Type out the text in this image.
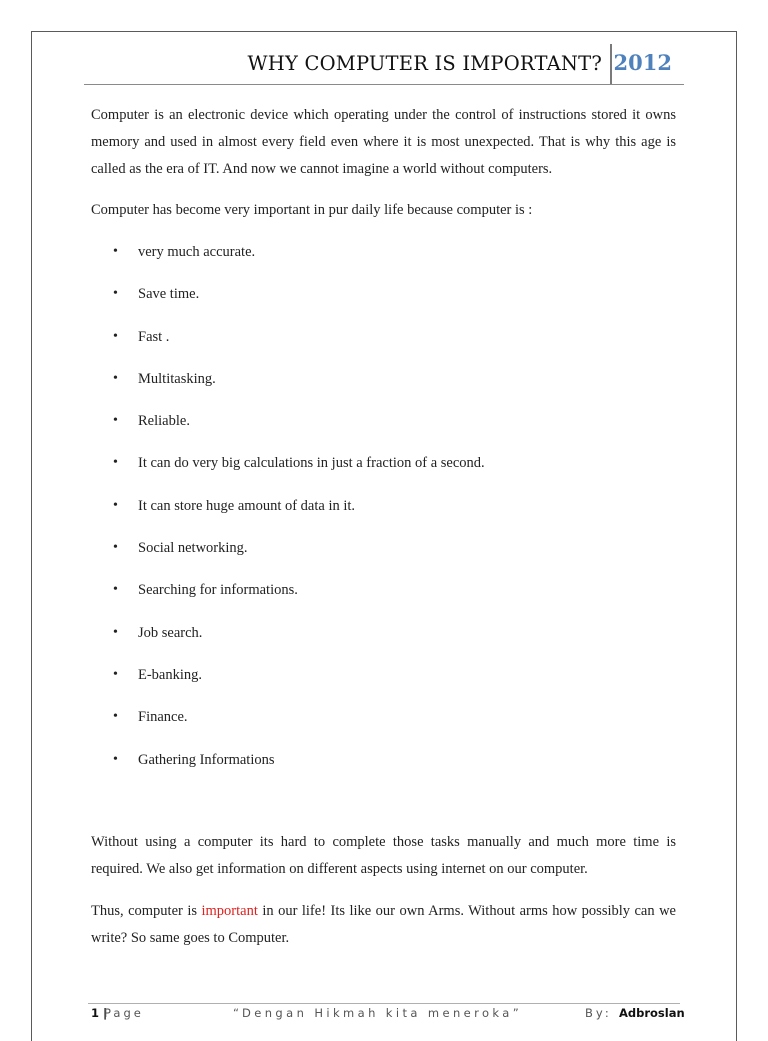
WHY COMPUTER IS IMPORTANT? 2012

Computer is an electronic device which operating under the control of instructions stored it owns memory and used in almost every field even where it is most unexpected. That is why this age is called as the era of IT. And now we cannot imagine a world without computers.

Computer has become very important in pur daily life because computer is :

• very much accurate.
• Save time.
• Fast .
• Multitasking.
• Reliable.
• It can do very big calculations in just a fraction of a second.
• It can store huge amount of data in it.
• Social networking.
• Searching for informations.
• Job search.
• E-banking.
• Finance.
• Gathering Informations

Without using a computer its hard to complete those tasks manually and much more time is required. We also get information on different aspects using internet on our computer.

Thus, computer is important in our life! Its like our own Arms. Without arms how possibly can we write? So same goes to Computer.

1 |
Page	“Dengan Hikmah kita meneroka”	By: Adbroslan
